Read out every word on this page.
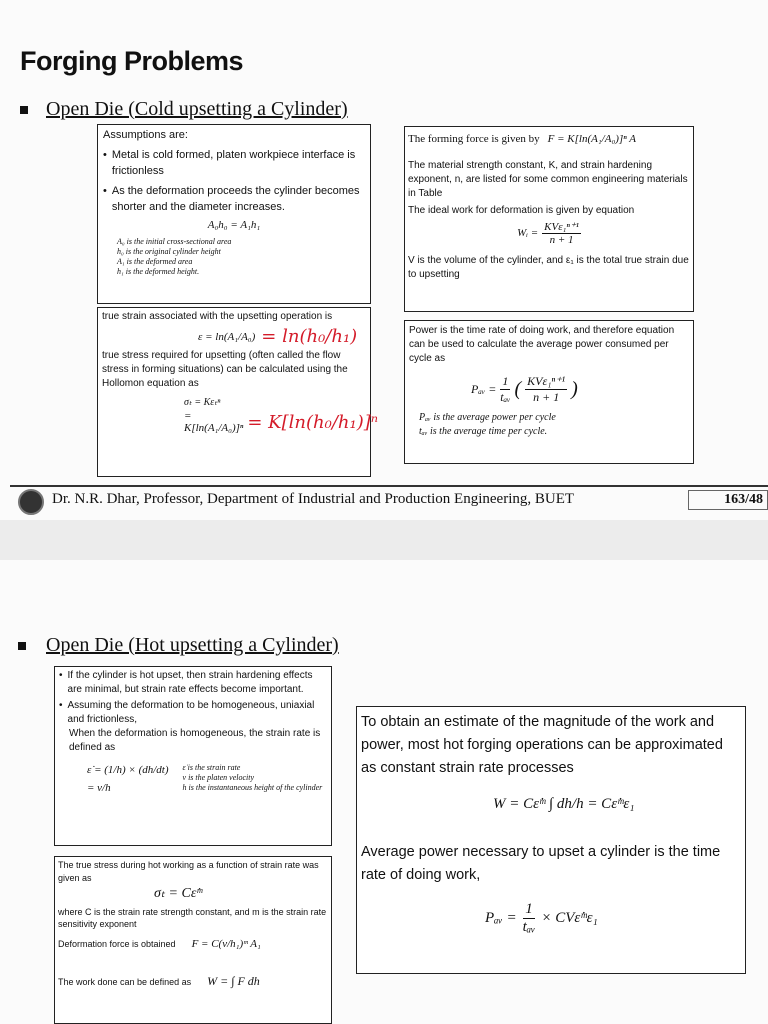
Forging Problems
Open Die (Cold upsetting a Cylinder)
Assumptions are:
• Metal is cold formed, platen workpiece interface is frictionless
• As the deformation proceeds the cylinder becomes shorter and the diameter increases.
A₀h₀ = A₁h₁
A₀ is the initial cross-sectional area
h₀ is the original cylinder height
A₁ is the deformed area
h₁ is the deformed height.
The forming force is given by F = K[ln(A₁/A₀)]ⁿ A
The material strength constant, K, and strain hardening exponent, n, are listed for some common engineering materials in Table
The ideal work for deformation is given by equation
Wᵢ = $\frac{\text{KVε₁ⁿ⁺¹}}{n + 1}$
V is the volume of the cylinder, and ε₁ is the total true strain due to upsetting
true strain associated with the upsetting operation is
ε = ln(A₁/A₀) = ln(h₀/h₁)
true stress required for upsetting (often called the flow stress in forming situations) can be calculated using the Hollomon equation as
σₜ = Kεₜⁿ
= K[ln(A₁/A₀)]ⁿ = K[ln(h₀/h₁)]ⁿ
Power is the time rate of doing work, and therefore equation can be used to calculate the average power consumed per cycle as
Pₐᵥ = $\frac{1}{\text{tₐᵥ}}$ ( $\frac{\text{KVε₁ⁿ⁺¹}}{n + 1}$ )
Pₐᵥ is the average power per cycle
tₐᵥ is the average time per cycle.
Dr. N.R. Dhar, Professor, Department of Industrial and Production Engineering, BUET	163/48
Open Die (Hot upsetting a Cylinder)
• If the cylinder is hot upset, then strain hardening effects are minimal, but strain rate effects become important.
• Assuming the deformation to be homogeneous, uniaxial and frictionless,
When the deformation is homogeneous, the strain rate is defined as
ε̇ = (1/h) × (dh/dt)
= v/h
ε̇ is the strain rate
v is the platen velocity
h is the instantaneous height of the cylinder
The true stress during hot working as a function of strain rate was given as
σₜ = Cε̇ᵐ
where C is the strain rate strength constant, and m is the strain rate sensitivity exponent
Deformation force is obtained F = C(v/h₁)ᵐ A₁
The work done can be defined as W = ∫ F dh
To obtain an estimate of the magnitude of the work and power, most hot forging operations can be approximated as constant strain rate processes
W = Cε̇ᵐ ∫ dh/h = Cε̇ᵐε₁
Average power necessary to upset a cylinder is the time rate of doing work,
Pₐᵥ = $\frac{1}{\text{tₐᵥ}}$ × CVε̇ᵐε₁
